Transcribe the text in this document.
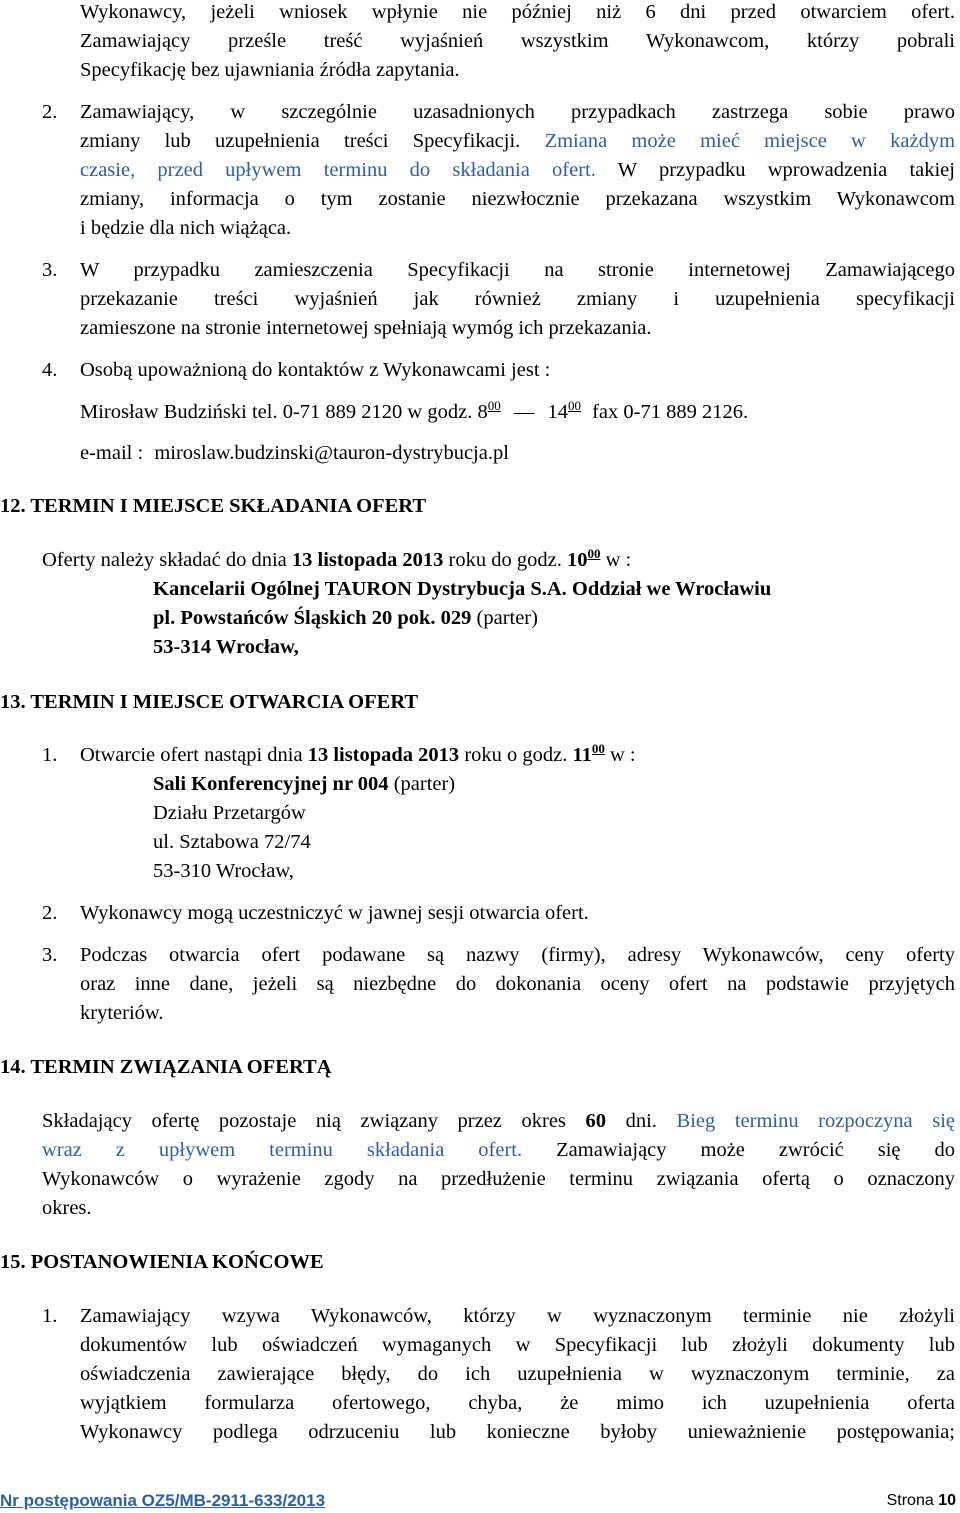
Wykonawcy, jeżeli wniosek wpłynie nie później niż 6 dni przed otwarciem ofert.
Zamawiający prześle treść wyjaśnień wszystkim Wykonawcom, którzy pobrali
Specyfikację bez ujawniania źródła zapytania.
2. Zamawiający, w szczególnie uzasadnionych przypadkach zastrzega sobie prawo
zmiany lub uzupełnienia treści Specyfikacji. Zmiana może mieć miejsce w każdym
czasie, przed upływem terminu do składania ofert. W przypadku wprowadzenia takiej
zmiany, informacja o tym zostanie niezwłocznie przekazana wszystkim Wykonawcom
i będzie dla nich wiążąca.
3. W przypadku zamieszczenia Specyfikacji na stronie internetowej Zamawiającego
przekazanie treści wyjaśnień jak również zmiany i uzupełnienia specyfikacji
zamieszone na stronie internetowej spełniają wymóg ich przekazania.
4. Osobą upoważnioną do kontaktów z Wykonawcami jest :
Mirosław Budziński tel. 0-71 889 2120 w godz. $8^{00}$ — $14^{00}$ fax 0-71 889 2126.
e-mail : miroslaw.budzinski@tauron-dystrybucja.pl
12. TERMIN I MIEJSCE SKŁADANIA OFERT
Oferty należy składać do dnia 13 listopada 2013 roku do godz. $10^{00}$ w :
Kancelarii Ogólnej TAURON Dystrybucja S.A. Oddział we Wrocławiu
pl. Powstańców Śląskich 20 pok. 029 (parter)
53-314 Wrocław,
13. TERMIN I MIEJSCE OTWARCIA OFERT
1. Otwarcie ofert nastąpi dnia 13 listopada 2013 roku o godz. $11^{00}$ w :
Sali Konferencyjnej nr 004 (parter)
Działu Przetargów
ul. Sztabowa 72/74
53-310 Wrocław,
2. Wykonawcy mogą uczestniczyć w jawnej sesji otwarcia ofert.
3. Podczas otwarcia ofert podawane są nazwy (firmy), adresy Wykonawców, ceny oferty
oraz inne dane, jeżeli są niezbędne do dokonania oceny ofert na podstawie przyjętych
kryteriów.
14. TERMIN ZWIĄZANIA OFERTĄ
Składający ofertę pozostaje nią związany przez okres 60 dni. Bieg terminu rozpoczyna się
wraz z upływem terminu składania ofert. Zamawiający może zwrócić się do
Wykonawców o wyrażenie zgody na przedłużenie terminu związania ofertą o oznaczony
okres.
15. POSTANOWIENIA KOŃCOWE
1. Zamawiający wzywa Wykonawców, którzy w wyznaczonym terminie nie złożyli
dokumentów lub oświadczeń wymaganych w Specyfikacji lub złożyli dokumenty lub
oświadczenia zawierające błędy, do ich uzupełnienia w wyznaczonym terminie, za
wyjątkiem formularza ofertowego, chyba, że mimo ich uzupełnienia oferta
Wykonawcy podlega odrzuceniu lub konieczne byłoby unieważnienie postępowania;
Nr postępowania OZ5/MB-2911-633/2013	Strona 10
